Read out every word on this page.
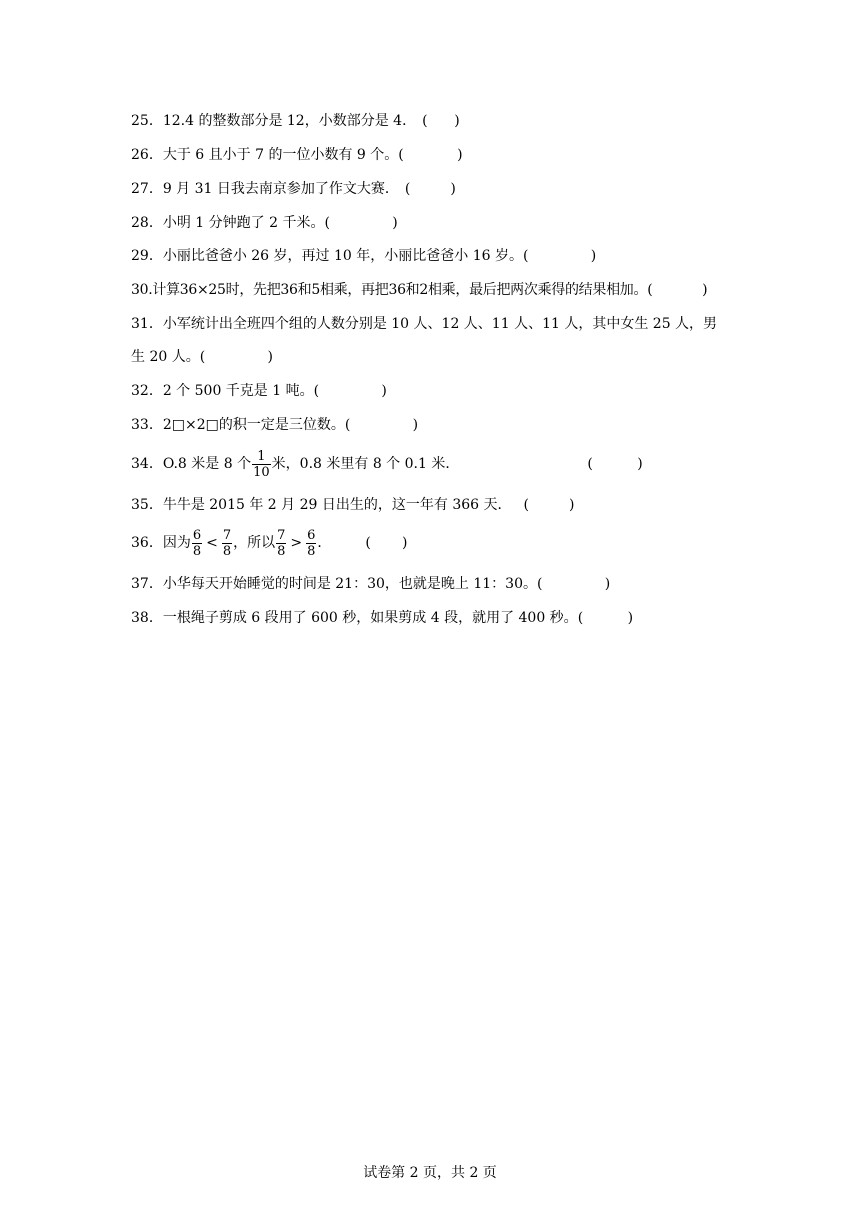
25．12.4 的整数部分是 12，小数部分是 4． (      )
26．大于 6 且小于 7 的一位小数有 9 个。(            )
27．9 月 31 日我去南京参加了作文大赛． (         )
28．小明 1 分钟跑了 2 千米。(              )
29．小丽比爸爸小 26 岁，再过 10 年，小丽比爸爸小 16 岁。(              )
30.计算36×25时，先把36和5相乘，再把36和2相乘，最后把两次乘得的结果相加。(            )
31．小军统计出全班四个组的人数分别是 10 人、12 人、11 人、11 人，其中女生 25 人，男
生 20 人。(              )
32．2 个 500 千克是 1 吨。(              )
33．2□×2□的积一定是三位数。(              )
34．O.8 米是 8 个 $\frac{1}{10}$ 米，0.8 米里有 8 个 0.1 米．	(          )
35．牛牛是 2015 年 2 月 29 日出生的，这一年有 366 天． (         )
36．因为 $\frac{6}{8} < \frac{7}{8}$ ，所以 $\frac{7}{8} > \frac{6}{8}$ ． (       )
37．小华每天开始睡觉的时间是 21：30，也就是晚上 11：30。(              )
38．一根绳子剪成 6 段用了 600 秒，如果剪成 4 段，就用了 400 秒。(          )
试卷第 2 页，共 2 页
